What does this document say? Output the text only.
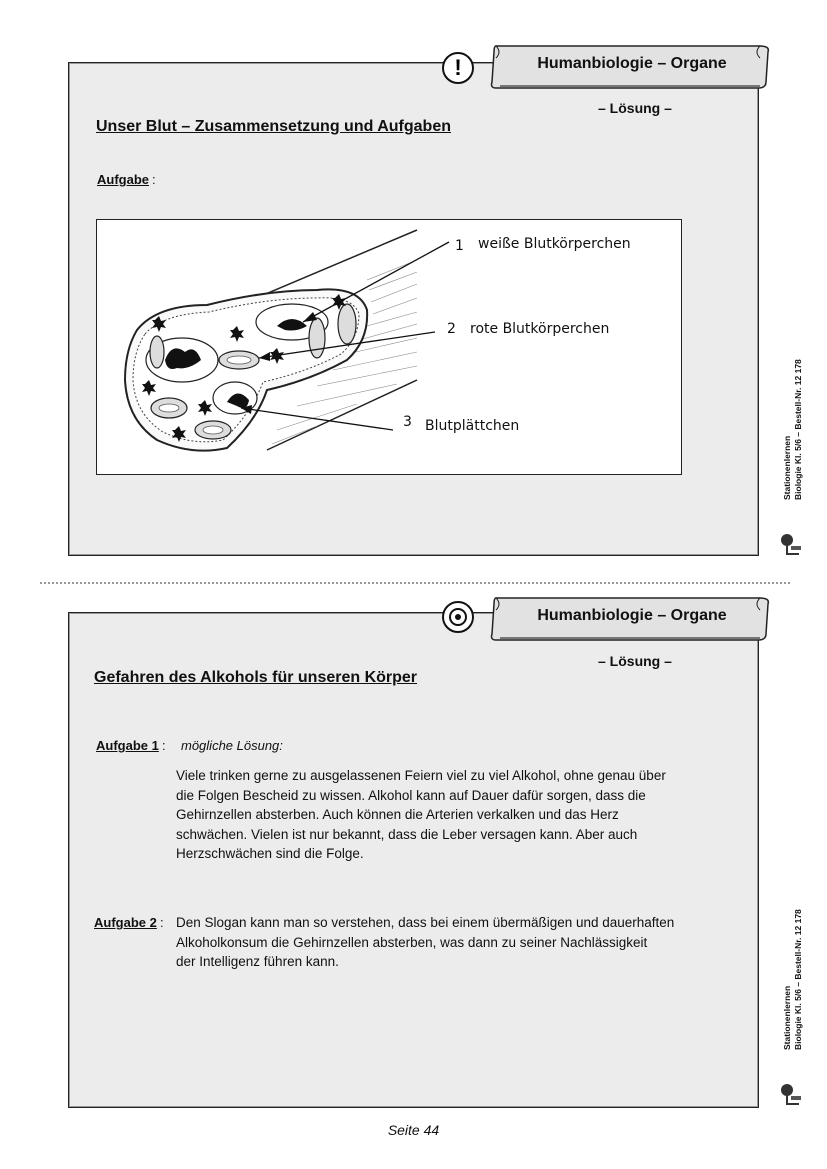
Humanbiologie – Organe
!
– Lösung –
Unser Blut – Zusammensetzung und Aufgaben
Aufgabe :
1 weiße Blutkörperchen
2 rote Blutkörperchen
3 Blutplättchen
Stationenlernen Biologie Kl. 5/6 – Bestell-Nr. 12 178
Humanbiologie – Organe
– Lösung –
Gefahren des Alkohols für unseren Körper
Aufgabe 1 : mögliche Lösung:

Viele trinken gerne zu ausgelassenen Feiern viel zu viel Alkohol, ohne genau über

die Folgen Bescheid zu wissen. Alkohol kann auf Dauer dafür sorgen, dass die

Gehirnzellen absterben. Auch können die Arterien verkalken und das Herz

schwächen. Vielen ist nur bekannt, dass die Leber versagen kann. Aber auch

Herzschwächen sind die Folge.

Aufgabe 2 : Den Slogan kann man so verstehen, dass bei einem übermäßigen und dauerhaften

Alkoholkonsum die Gehirnzellen absterben, was dann zu seiner Nachlässigkeit

der Intelligenz führen kann.

Stationenlernen Biologie Kl. 5/6 – Bestell-Nr. 12 178
Seite 44
